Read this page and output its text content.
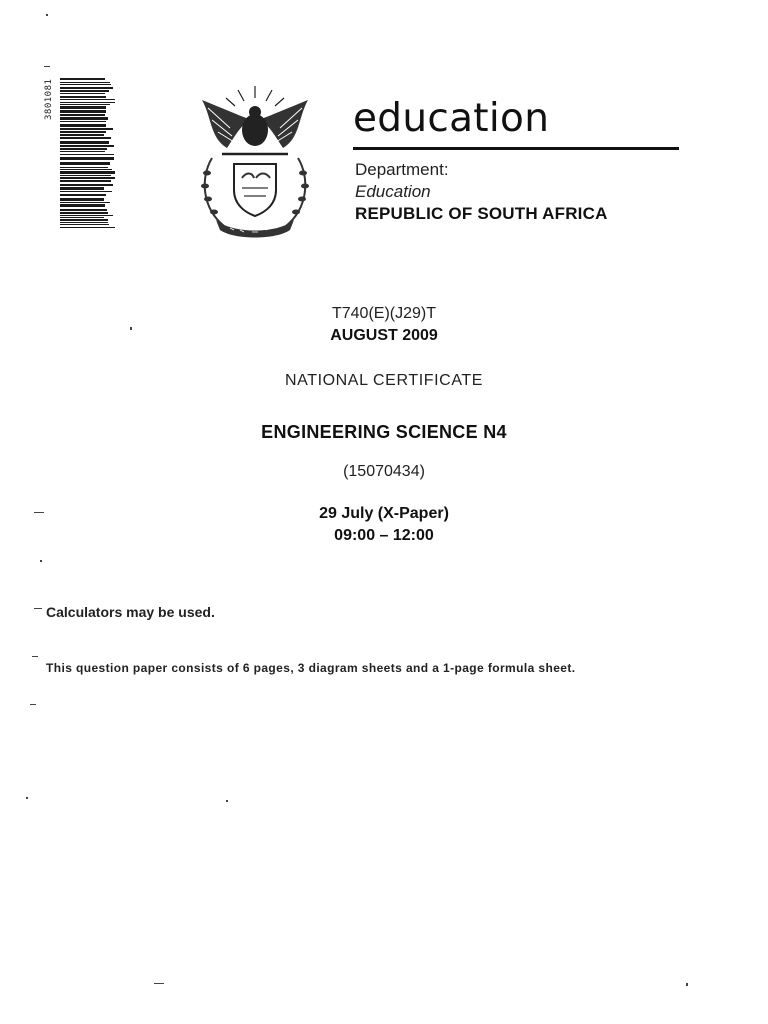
3801081	education
Department:
Education
REPUBLIC OF SOUTH AFRICA
T740(E)(J29)T
AUGUST 2009
NATIONAL CERTIFICATE
ENGINEERING SCIENCE N4
(15070434)
29 July (X-Paper)
09:00 – 12:00
Calculators may be used.
This question paper consists of 6 pages, 3 diagram sheets and a 1-page formula sheet.
